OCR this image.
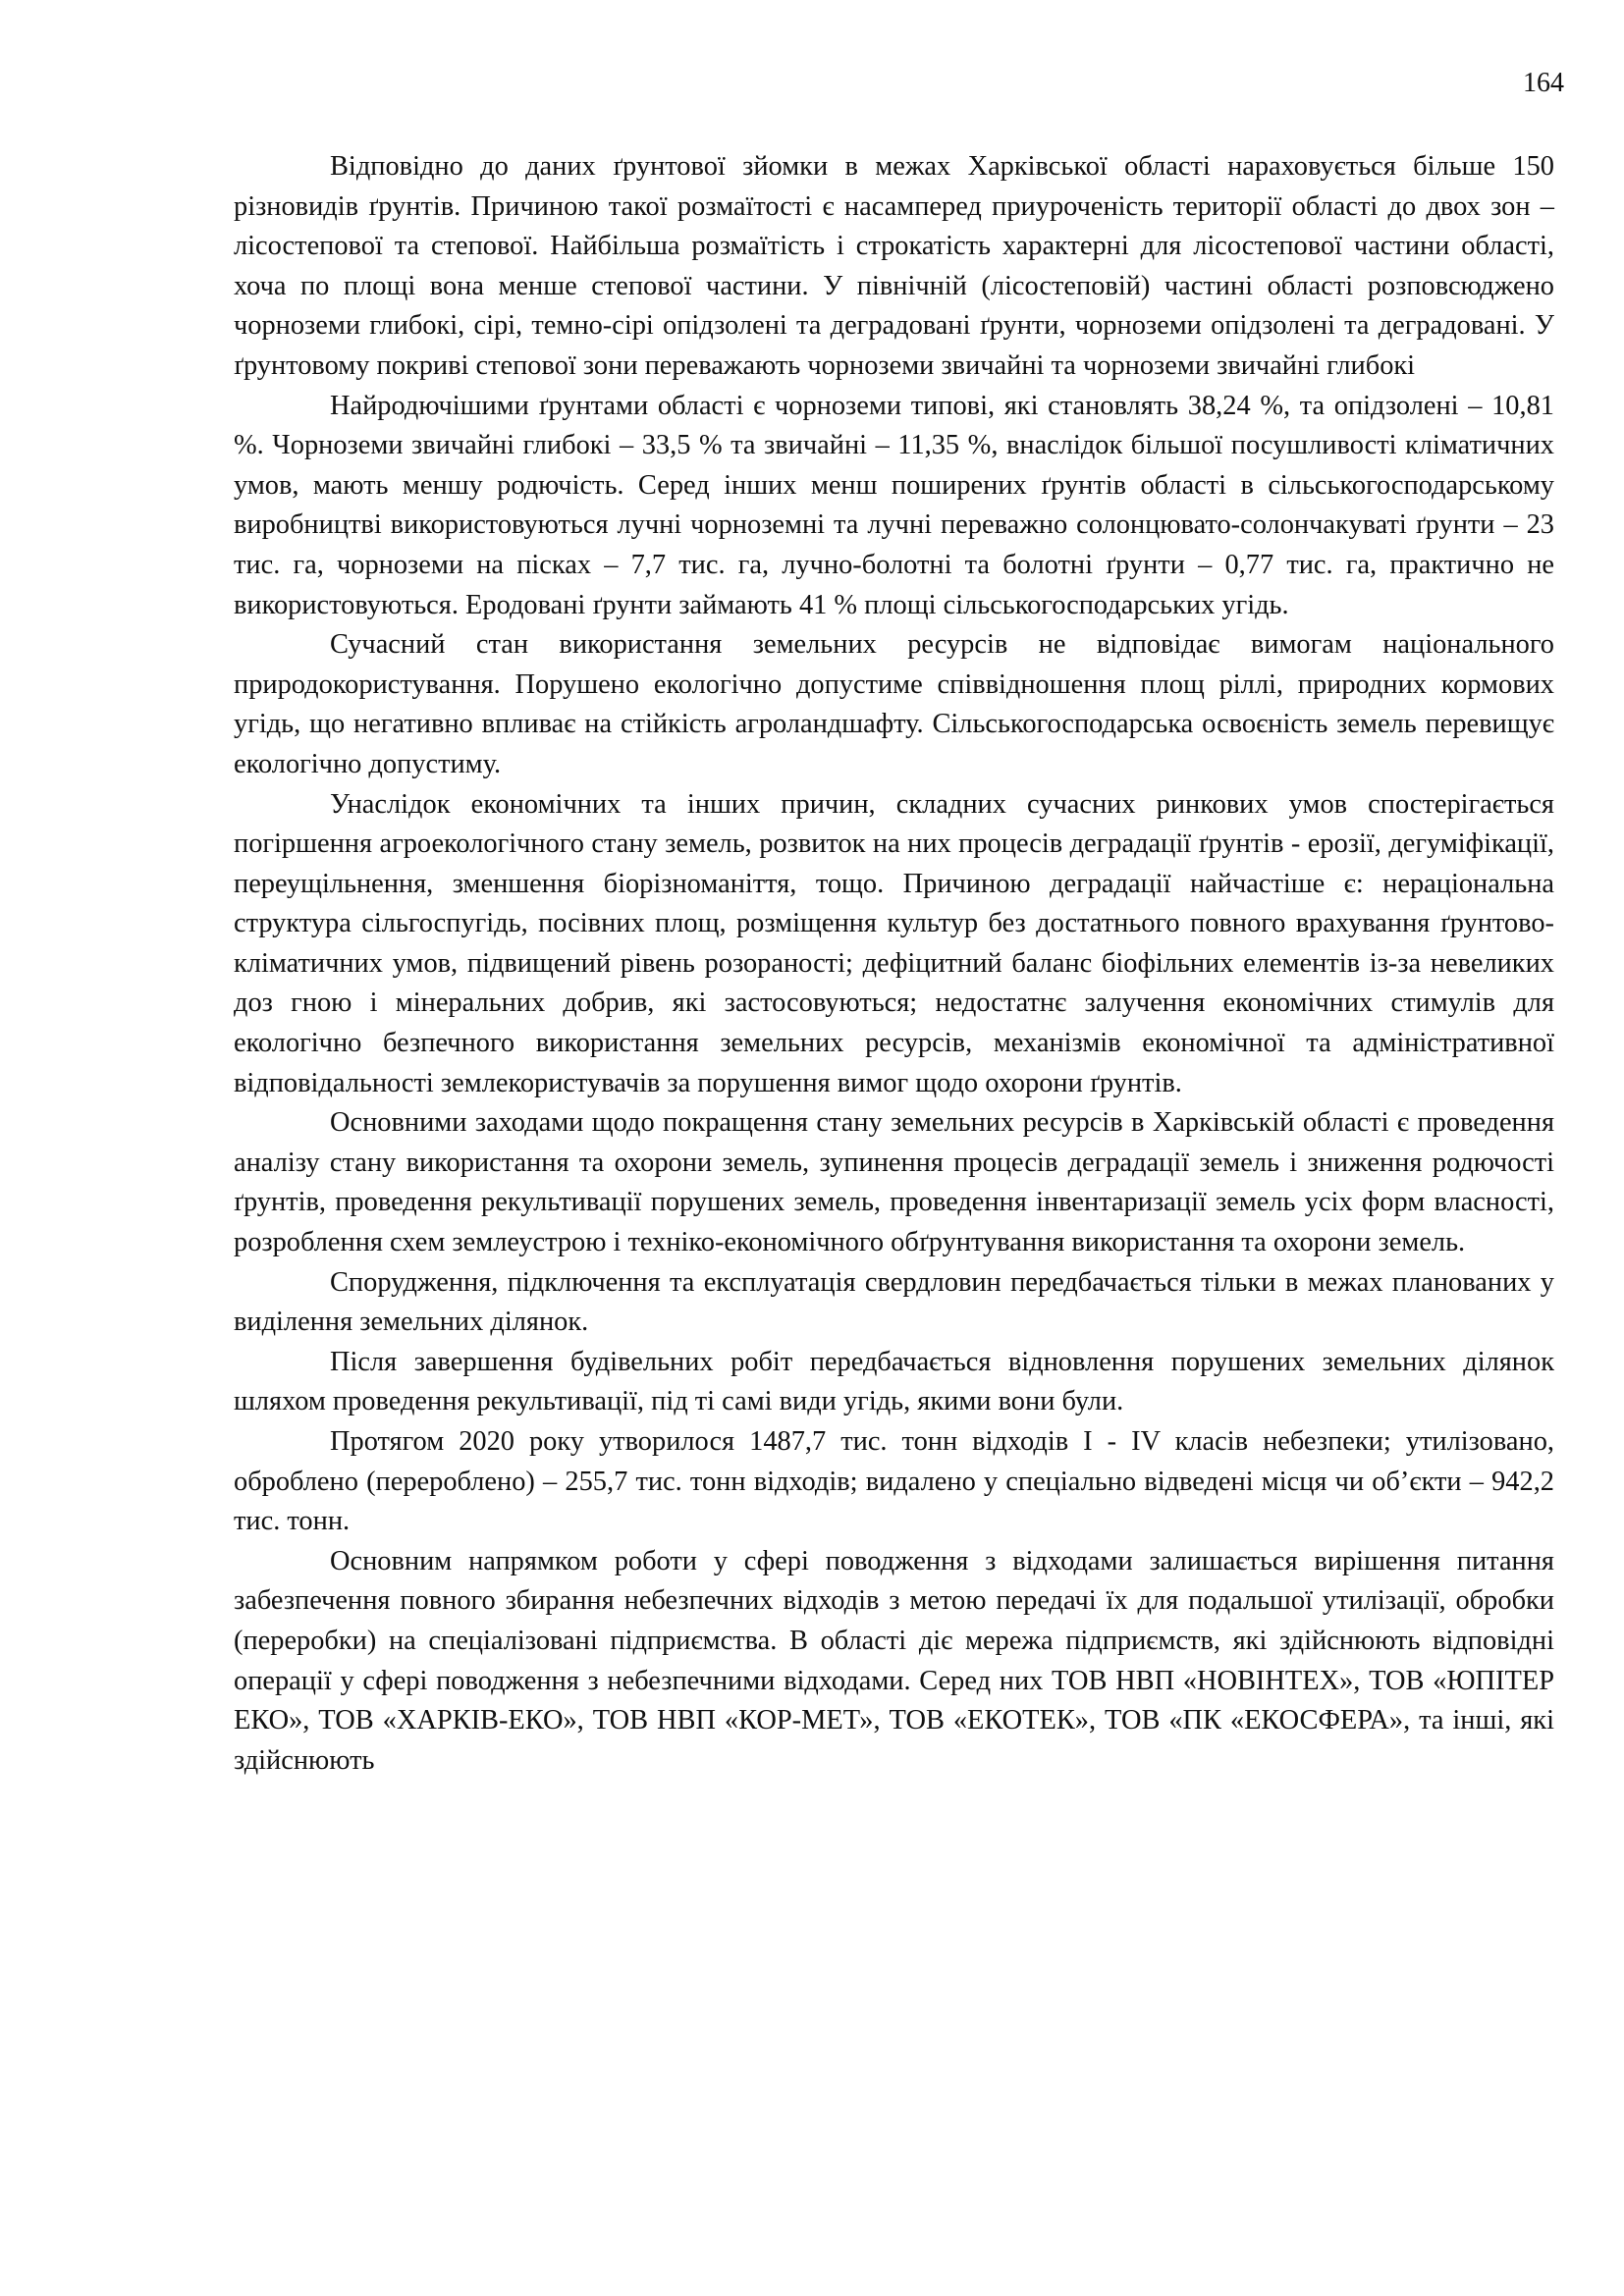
164

Відповідно до даних ґрунтової зйомки в межах Харківської області нараховується більше 150 різновидів ґрунтів. Причиною такої розмаїтості є насамперед приуроченість території області до двох зон – лісостепової та степової. Найбільша розмаїтість і строкатість характерні для лісостепової частини області, хоча по площі вона менше степової частини. У північній (лісостеповій) частині області розповсюджено чорноземи глибокі, сірі, темно-сірі опідзолені та деградовані ґрунти, чорноземи опідзолені та деградовані. У ґрунтовому покриві степової зони переважають чорноземи звичайні та чорноземи звичайні глибокі

Найродючішими ґрунтами області є чорноземи типові, які становлять 38,24 %, та опідзолені – 10,81 %. Чорноземи звичайні глибокі – 33,5 % та звичайні – 11,35 %, внаслідок більшої посушливості кліматичних умов, мають меншу родючість. Серед інших менш поширених ґрунтів області в сільськогосподарському виробництві використовуються лучні чорноземні та лучні переважно солонцювато-солончакуваті ґрунти – 23 тис. га, чорноземи на пісках – 7,7 тис. га, лучно-болотні та болотні ґрунти – 0,77 тис. га, практично не використовуються. Еродовані ґрунти займають 41 % площі сільськогосподарських угідь.

Сучасний стан використання земельних ресурсів не відповідає вимогам національного природокористування. Порушено екологічно допустиме співвідношення площ ріллі, природних кормових угідь, що негативно впливає на стійкість агроландшафту. Сільськогосподарська освоєність земель перевищує екологічно допустиму.

Унаслідок економічних та інших причин, складних сучасних ринкових умов спостерігається погіршення агроекологічного стану земель, розвиток на них процесів деградації ґрунтів - ерозії, дегуміфікації, переущільнення, зменшення біорізноманіття, тощо. Причиною деградації найчастіше є: нераціональна структура сільгоспугідь, посівних площ, розміщення культур без достатнього повного врахування ґрунтово-кліматичних умов, підвищений рівень розораності; дефіцитний баланс біофільних елементів із-за невеликих доз гною і мінеральних добрив, які застосовуються; недостатнє залучення економічних стимулів для екологічно безпечного використання земельних ресурсів, механізмів економічної та адміністративної відповідальності землекористувачів за порушення вимог щодо охорони ґрунтів.

Основними заходами щодо покращення стану земельних ресурсів в Харківській області є проведення аналізу стану використання та охорони земель, зупинення процесів деградації земель і зниження родючості ґрунтів, проведення рекультивації порушених земель, проведення інвентаризації земель усіх форм власності, розроблення схем землеустрою і техніко-економічного обґрунтування використання та охорони земель.

Спорудження, підключення та експлуатація свердловин передбачається тільки в межах планованих у виділення земельних ділянок.

Після завершення будівельних робіт передбачається відновлення порушених земельних ділянок шляхом проведення рекультивації, під ті самі види угідь, якими вони були.

Протягом 2020 року утворилося 1487,7 тис. тонн відходів І - IV класів небезпеки; утилізовано, оброблено (перероблено) – 255,7 тис. тонн відходів; видалено у спеціально відведені місця чи об’єкти – 942,2 тис. тонн.

Основним напрямком роботи у сфері поводження з відходами залишається вирішення питання забезпечення повного збирання небезпечних відходів з метою передачі їх для подальшої утилізації, обробки (переробки) на спеціалізовані підприємства. В області діє мережа підприємств, які здійснюють відповідні операції у сфері поводження з небезпечними відходами. Серед них ТОВ НВП «НОВІНТЕХ», ТОВ «ЮПІТЕР ЕКО», ТОВ «ХАРКІВ-ЕКО», ТОВ НВП «КОР-МЕТ», ТОВ «ЕКОТЕК», ТОВ «ПК «ЕКОСФЕРА», та інші, які здійснюють
